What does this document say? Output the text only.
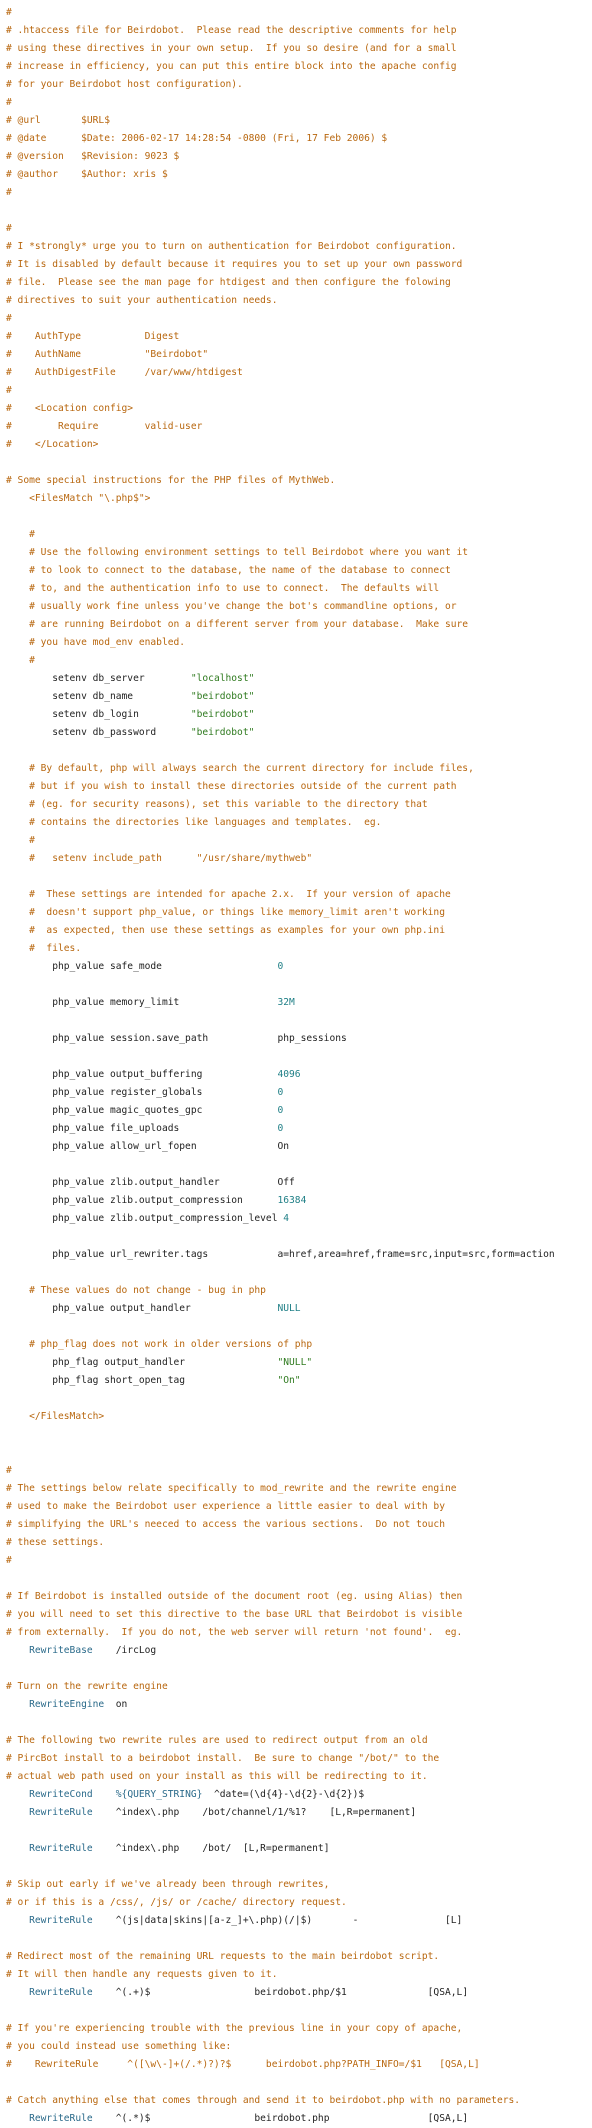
#
# .htaccess file for Beirdobot.  Please read the descriptive comments for help
# using these directives in your own setup.  If you so desire (and for a small
# increase in efficiency, you can put this entire block into the apache config
# for your Beirdobot host configuration).
#
# @url       $URL$
# @date      $Date: 2006-02-17 14:28:54 -0800 (Fri, 17 Feb 2006) $
# @version   $Revision: 9023 $
# @author    $Author: xris $
#
#
# I *strongly* urge you to turn on authentication for Beirdobot configuration.
# It is disabled by default because it requires you to set up your own password
# file.  Please see the man page for htdigest and then configure the folowing
# directives to suit your authentication needs.
#
#    AuthType           Digest
#    AuthName           "Beirdobot"
#    AuthDigestFile     /var/www/htdigest
#
#    <Location config>
#        Require        valid-user
#    </Location>
# Some special instructions for the PHP files of MythWeb.
<FilesMatch "\.php$">
#
# Use the following environment settings to tell Beirdobot where you want it
# to look to connect to the database, the name of the database to connect
# to, and the authentication info to use to connect.  The defaults will
# usually work fine unless you've change the bot's commandline options, or
# are running Beirdobot on a different server from your database.  Make sure
# you have mod_env enabled.
#
setenv db_server        "localhost"
setenv db_name          "beirdobot"
setenv db_login         "beirdobot"
setenv db_password      "beirdobot"
# By default, php will always search the current directory for include files,
# but if you wish to install these directories outside of the current path
# (eg. for security reasons), set this variable to the directory that
# contains the directories like languages and templates.  eg.
#
#   setenv include_path      "/usr/share/mythweb"
#  These settings are intended for apache 2.x.  If your version of apache
#  doesn't support php_value, or things like memory_limit aren't working
#  as expected, then use these settings as examples for your own php.ini
#  files.
php_value safe_mode                    0
php_value memory_limit                 32M
php_value session.save_path            php_sessions
php_value output_buffering             4096
php_value register_globals             0
php_value magic_quotes_gpc             0
php_value file_uploads                 0
php_value allow_url_fopen              On
php_value zlib.output_handler          Off
php_value zlib.output_compression      16384
php_value zlib.output_compression_level 4
php_value url_rewriter.tags            a=href,area=href,frame=src,input=src,form=action
# These values do not change - bug in php
php_value output_handler               NULL
# php_flag does not work in older versions of php
php_flag output_handler                "NULL"
php_flag short_open_tag                "On"
</FilesMatch>
#
# The settings below relate specifically to mod_rewrite and the rewrite engine
# used to make the Beirdobot user experience a little easier to deal with by
# simplifying the URL's neeced to access the various sections.  Do not touch
# these settings.
#
# If Beirdobot is installed outside of the document root (eg. using Alias) then
# you will need to set this directive to the base URL that Beirdobot is visible
# from externally.  If you do not, the web server will return 'not found'.  eg.
RewriteBase    /ircLog
# Turn on the rewrite engine
RewriteEngine  on
# The following two rewrite rules are used to redirect output from an old
# PircBot install to a beirdobot install.  Be sure to change "/bot/" to the
# actual web path used on your install as this will be redirecting to it.
RewriteCond %{QUERY_STRING}  ^date=(\d{4}-\d{2}-\d{2})$
RewriteRule    ^index\.php    /bot/channel/1/%1?    [L,R=permanent]
RewriteRule    ^index\.php    /bot/  [L,R=permanent]
# Skip out early if we've already been through rewrites,
# or if this is a /css/, /js/ or /cache/ directory request.
RewriteRule    ^(js|data|skins|[a-z_]+\.php)(/|$)       -               [L]
# Redirect most of the remaining URL requests to the main beirdobot script.
# It will then handle any requests given to it.
RewriteRule    ^(.+)$                  beirdobot.php/$1              [QSA,L]
# If you're experiencing trouble with the previous line in your copy of apache,
# you could instead use something like:
#    RewriteRule     ^([\w\-]+(/.*)?)?$      beirdobot.php?PATH_INFO=/$1   [QSA,L]
# Catch anything else that comes through and send it to beirdobot.php with no parameters.
RewriteRule    ^(.*)$                  beirdobot.php                 [QSA,L]
